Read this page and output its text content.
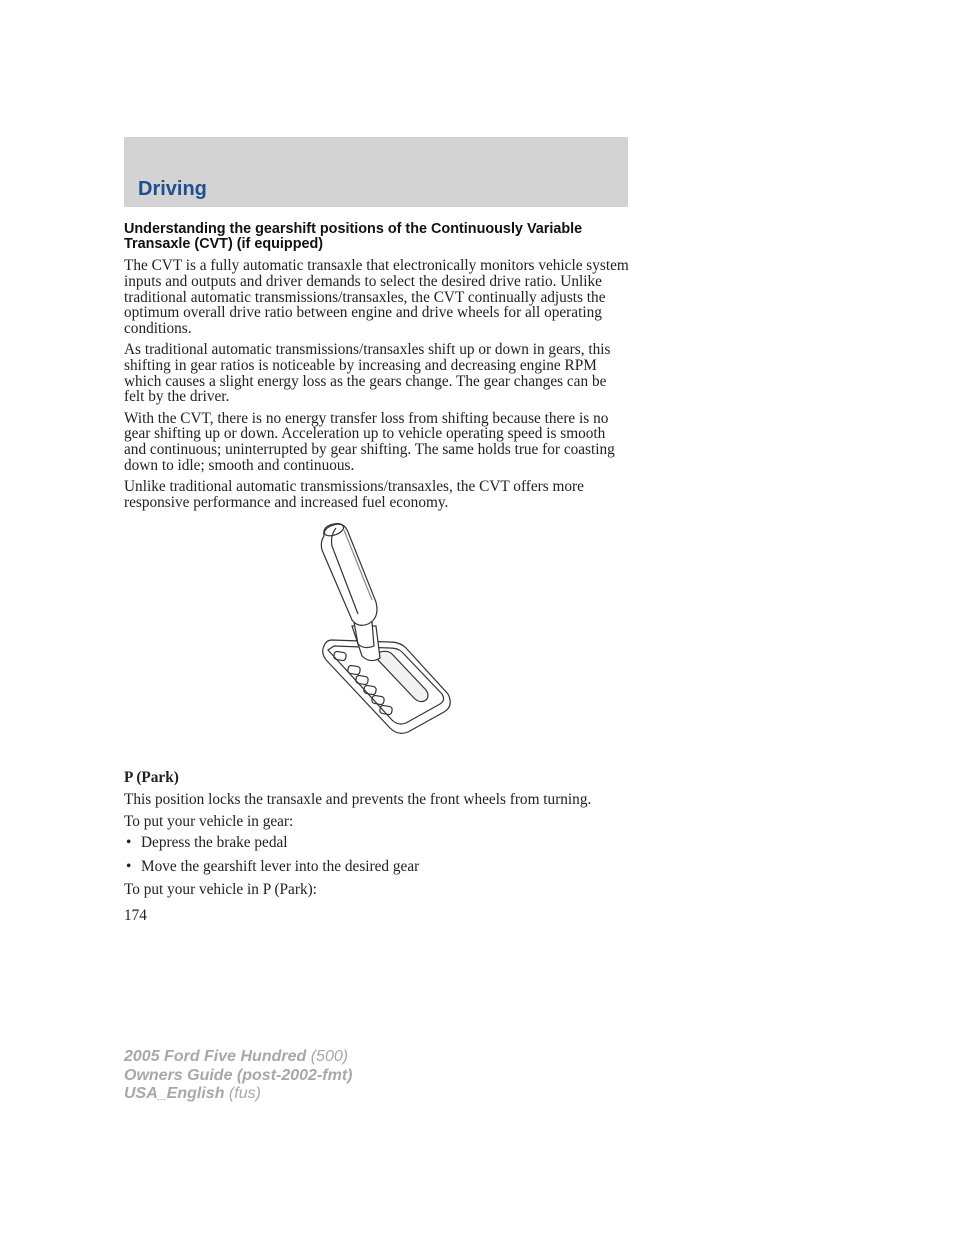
Driving
Understanding the gearshift positions of the Continuously Variable Transaxle (CVT) (if equipped)

The CVT is a fully automatic transaxle that electronically monitors vehicle system inputs and outputs and driver demands to select the desired drive ratio. Unlike traditional automatic transmissions/transaxles, the CVT continually adjusts the optimum overall drive ratio between engine and drive wheels for all operating conditions.

As traditional automatic transmissions/transaxles shift up or down in gears, this shifting in gear ratios is noticeable by increasing and decreasing engine RPM which causes a slight energy loss as the gears change. The gear changes can be felt by the driver.

With the CVT, there is no energy transfer loss from shifting because there is no gear shifting up or down. Acceleration up to vehicle operating speed is smooth and continuous; uninterrupted by gear shifting. The same holds true for coasting down to idle; smooth and continuous.

Unlike traditional automatic transmissions/transaxles, the CVT offers more responsive performance and increased fuel economy.

P (Park)

This position locks the transaxle and prevents the front wheels from turning.

To put your vehicle in gear:

• Depress the brake pedal
• Move the gearshift lever into the desired gear

To put your vehicle in P (Park):

174
2005 Ford Five Hundred (500)
Owners Guide (post-2002-fmt)
USA_English (fus)
